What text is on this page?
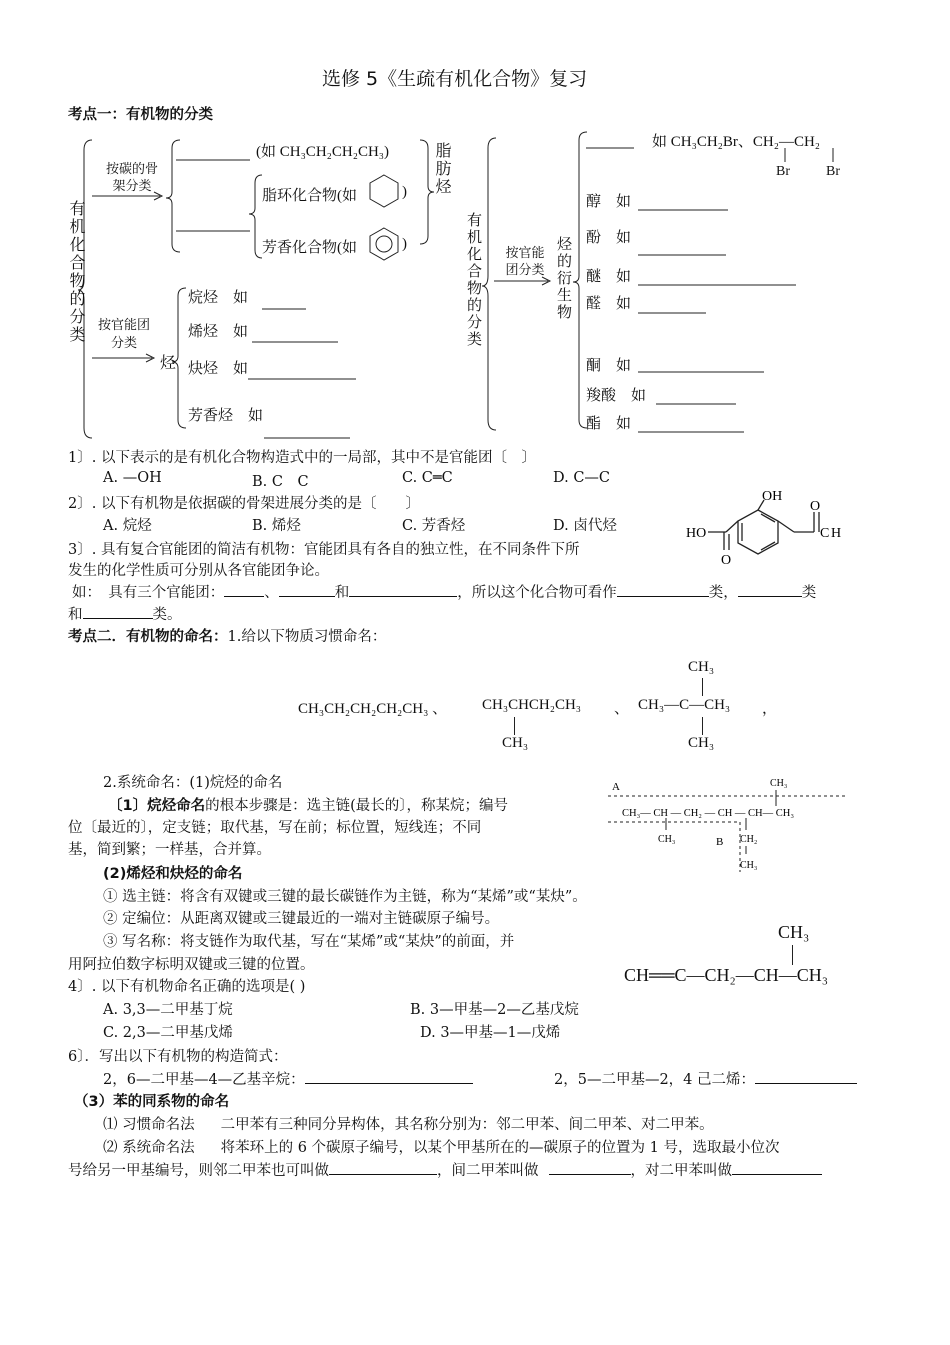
选修 5《生疏有机化合物》复习
考点一：有机物的分类
有机化合物的分类
按碳的骨架分类
(如 CH₃CH₂CH₂CH₃)
脂环化合物(如	)
芳香化合物(如	)
脂肪烃
按官能团分类
烃
烷烃　如
烯烃　如
炔烃　如
芳香烃　如
有机化合物的分类	按官能团分类 烃的衍生物
如 CH₃CH₂Br、CH₂—CH₂
Br	Br
醇　如
酚　如
醚　如
醛　如
酮　如
羧酸　如
酯　如
1〕. 以下表示的是有机化合物构造式中的一局部，其中不是官能团〔　〕
A. —OH	B. C　C	C. C═C	D. C—C
2〕. 以下有机物是依据碳的骨架进展分类的是〔　　〕
A. 烷烃	B. 烯烃	C. 芳香烃	D. 卤代烃	HO
OH
O
O
C H
3〕. 具有复合官能团的简洁有机物：官能团具有各自的独立性，在不同条件下所
发生的化学性质可分别从各官能团争论。
如：　具有三个官能团：	、	和	，所以这个化合物可看作	类，	类
和	类。
考点二．有机物的命名：1.给以下物质习惯命名：
CH₃CH₂CH₂CH₂CH₃ 、 CH₃CHCH₂CH₃
CH₃
、 CH₃—C—CH₃
CH₃
CH₃
，
2.系统命名：(1)烷烃的命名
〔1〕烷烃命名的根本步骤是：选主链(最长的〕，称某烷；编号
位〔最近的〕，定支链；取代基，写在前；标位置，短线连；不同
基，简到繁；一样基，合并算。
A
B
CH₃
CH₃— CH — CH₂ — CH — CH— CH₃
CH₃	CH₂
CH₃
(2)烯烃和炔烃的命名
① 选主链：将含有双键或三键的最长碳链作为主链，称为“某烯”或“某炔”。
② 定编位：从距离双键或三键最近的一端对主链碳原子编号。
③ 写名称：将支链作为取代基，写在“某烯”或“某炔”的前面，并
用阿拉伯数字标明双键或三键的位置。
CH₃
CH══C—CH₂—CH—CH₃
4〕. 以下有机物命名正确的选项是( )
A. 3,3—二甲基丁烷	B. 3—甲基—2—乙基戊烷
C. 2,3—二甲基戊烯	D. 3—甲基—1—戊烯
6〕．写出以下有机物的构造简式：
2，6—二甲基—4—乙基辛烷：	2，5—二甲基—2，4 己二烯：
（3）苯的同系物的命名
⑴ 习惯命名法 二甲苯有三种同分异构体，其名称分别为：邻二甲苯、间二甲苯、对二甲苯。
⑵ 系统命名法 将苯环上的 6 个碳原子编号，以某个甲基所在的—碳原子的位置为 1 号，选取最小位次
号给另一甲基编号，则邻二甲苯也可叫做	，间二甲苯叫做	，对二甲苯叫做
